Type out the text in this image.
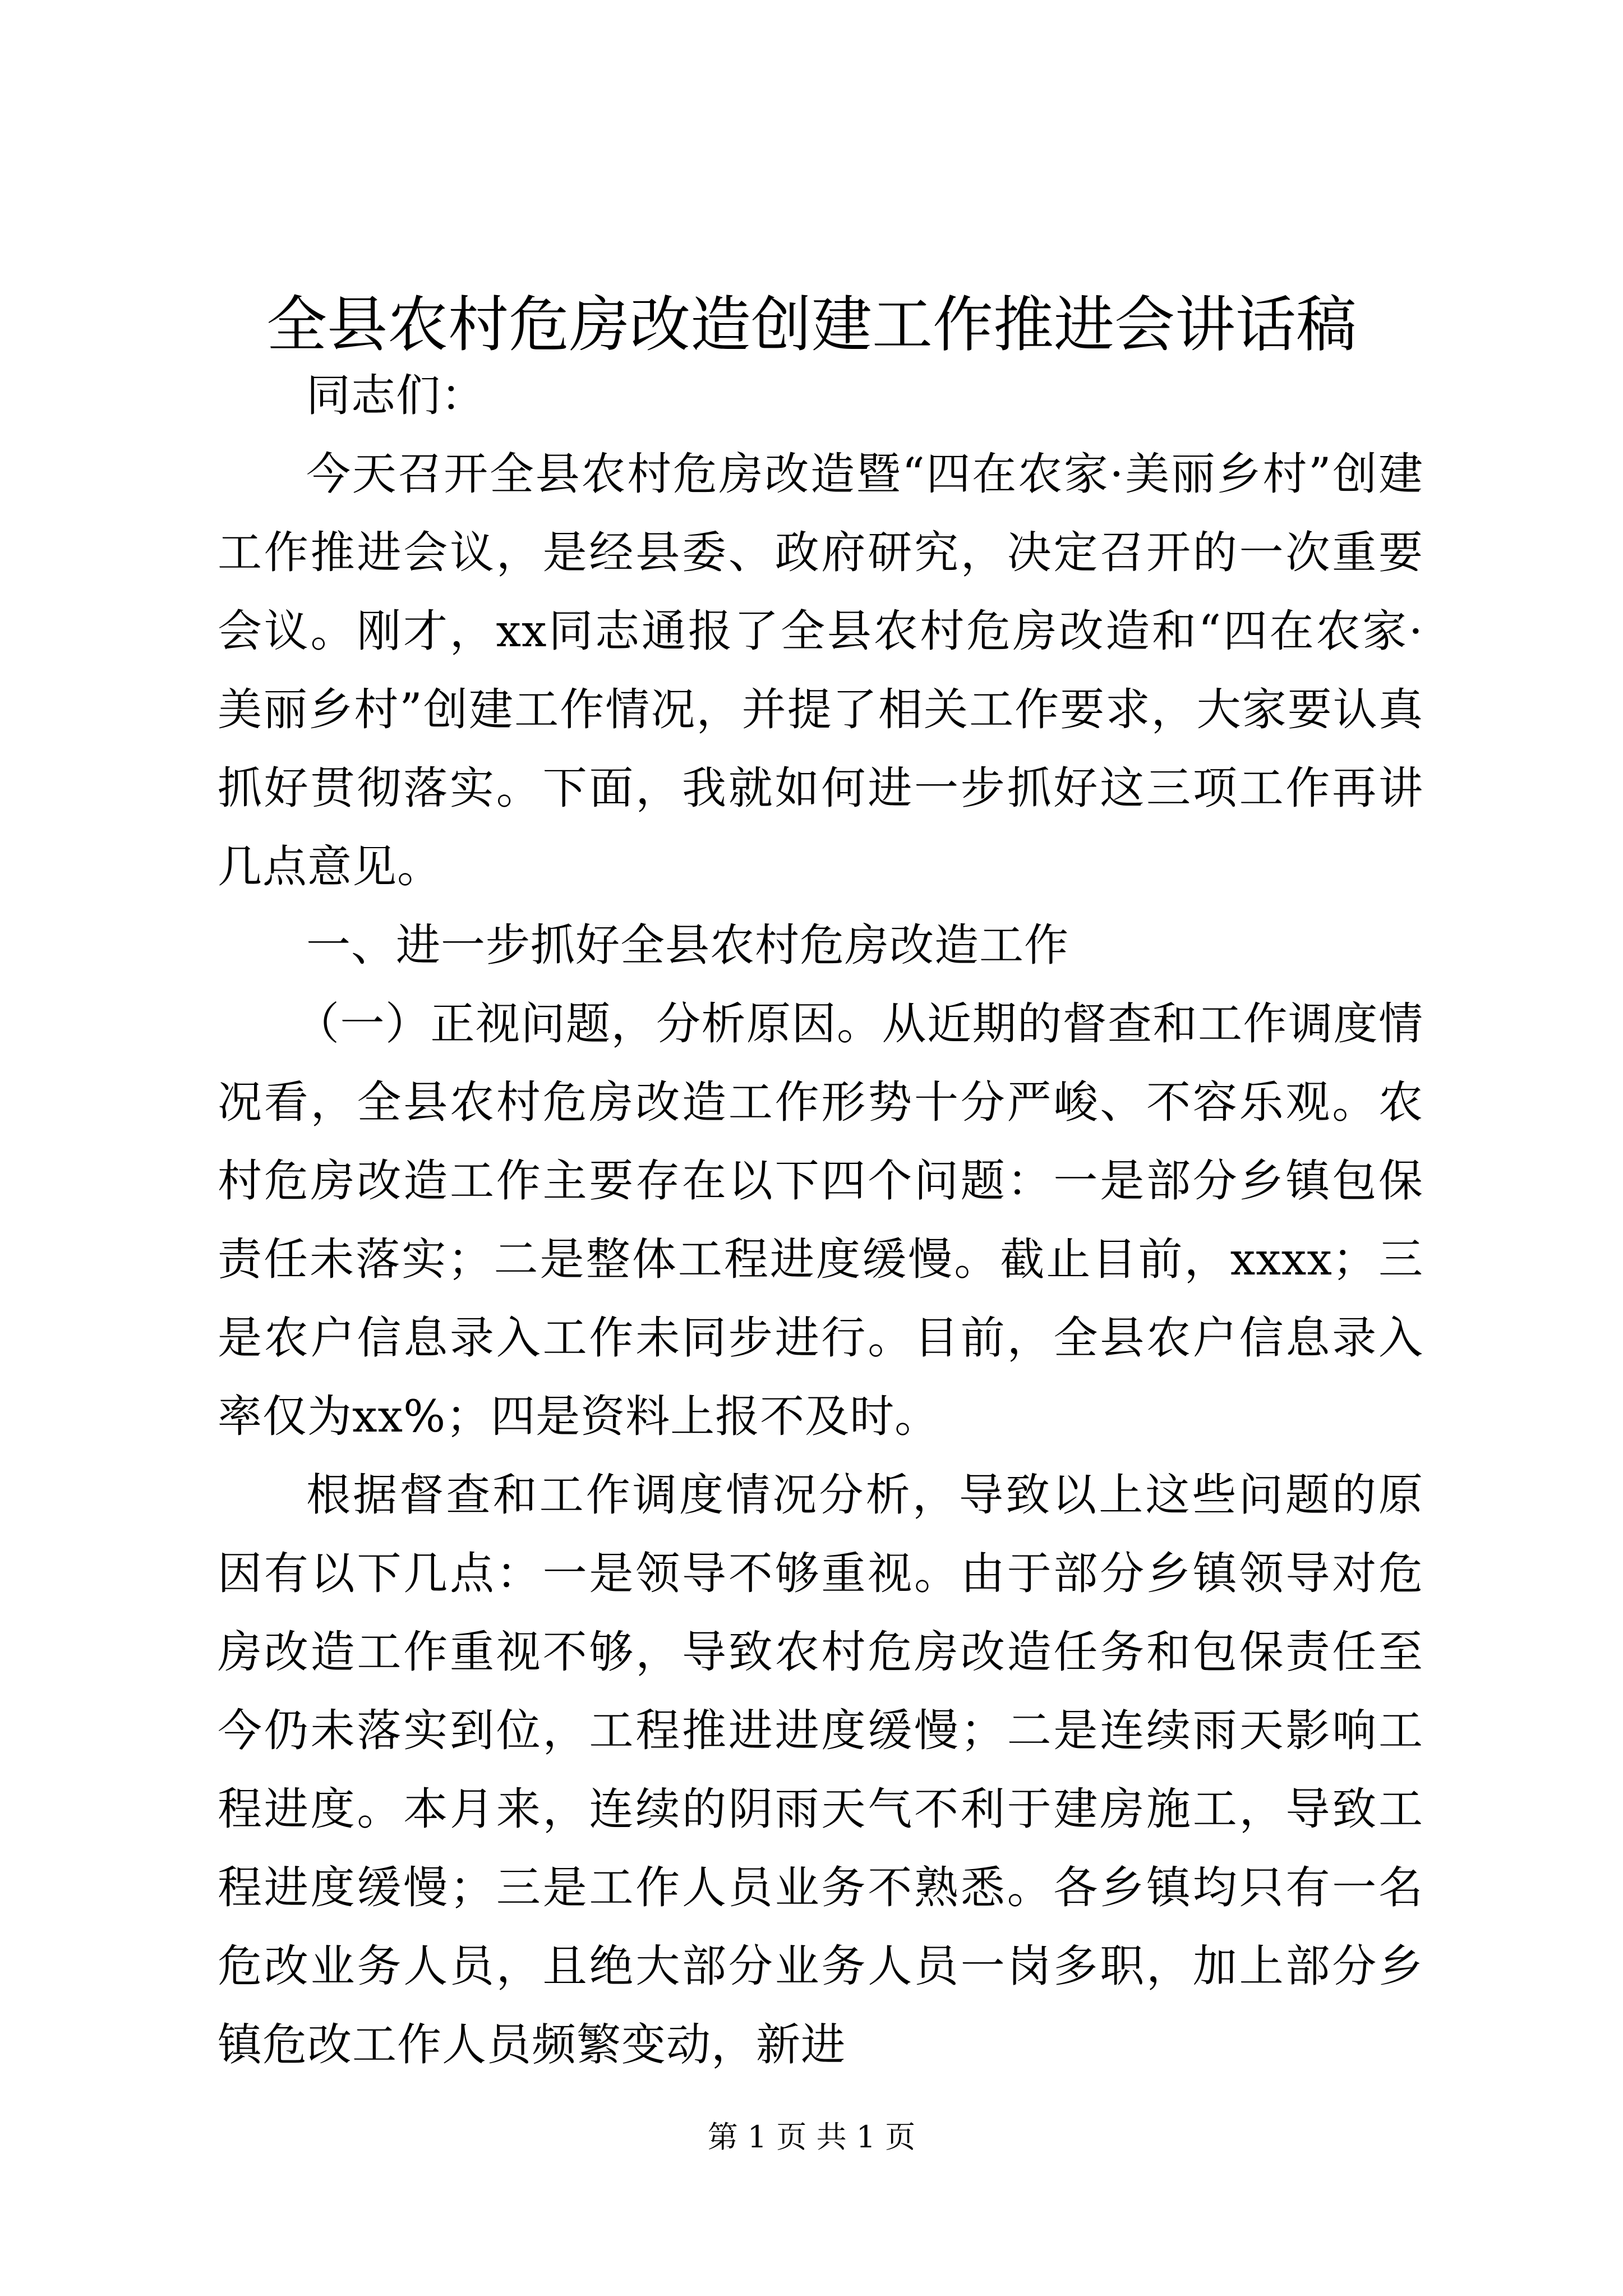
全县农村危房改造创建工作推进会讲话稿

同志们：

今天召开全县农村危房改造暨“四在农家·美丽乡村”创建工作推进会议，是经县委、政府研究，决定召开的一次重要会议。刚才，xx同志通报了全县农村危房改造和“四在农家·美丽乡村”创建工作情况，并提了相关工作要求，大家要认真抓好贯彻落实。下面，我就如何进一步抓好这三项工作再讲几点意见。

一、进一步抓好全县农村危房改造工作

（一）正视问题，分析原因。从近期的督查和工作调度情况看，全县农村危房改造工作形势十分严峻、不容乐观。农村危房改造工作主要存在以下四个问题：一是部分乡镇包保责任未落实；二是整体工程进度缓慢。截止目前，xxxx；三是农户信息录入工作未同步进行。目前，全县农户信息录入率仅为xx%；四是资料上报不及时。

根据督查和工作调度情况分析，导致以上这些问题的原因有以下几点：一是领导不够重视。由于部分乡镇领导对危房改造工作重视不够，导致农村危房改造任务和包保责任至今仍未落实到位，工程推进进度缓慢；二是连续雨天影响工程进度。本月来，连续的阴雨天气不利于建房施工，导致工程进度缓慢；三是工作人员业务不熟悉。各乡镇均只有一名危改业务人员，且绝大部分业务人员一岗多职，加上部分乡镇危改工作人员频繁变动，新进

第 1 页 共 1 页
